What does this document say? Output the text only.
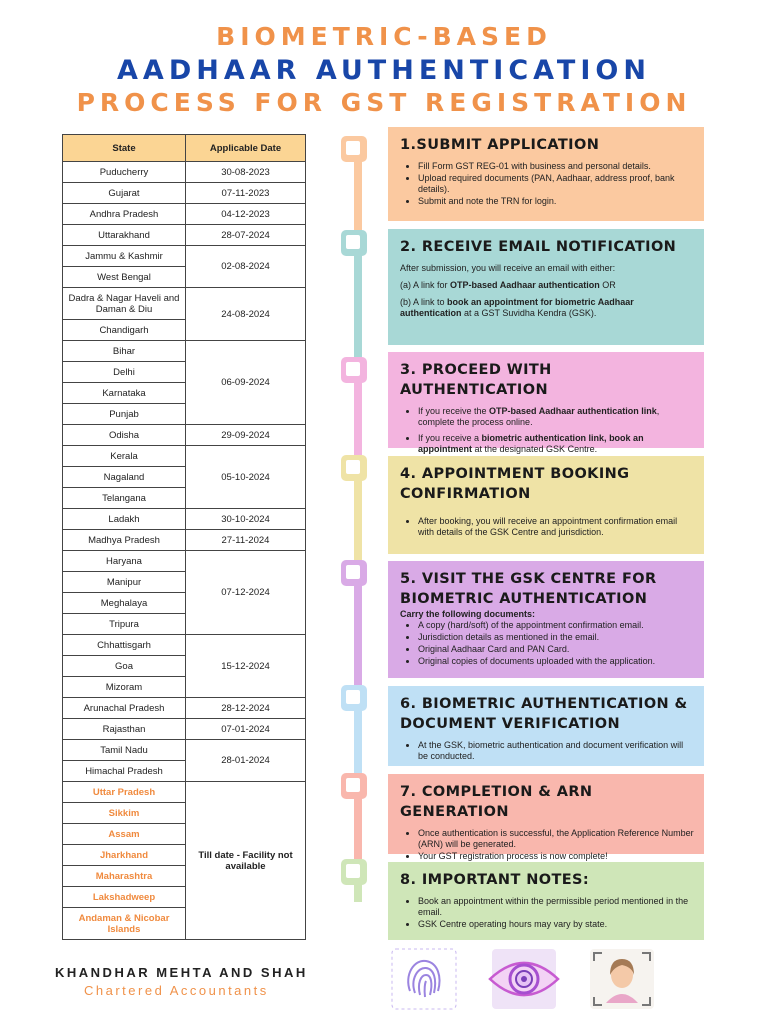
BIOMETRIC-BASED
AADHAAR AUTHENTICATION
PROCESS FOR GST REGISTRATION
State	Applicable Date
Puducherry	30-08-2023
Gujarat	07-11-2023
Andhra Pradesh	04-12-2023
Uttarakhand	28-07-2024
Jammu & Kashmir	02-08-2024
West Bengal	
Dadra & Nagar Haveli and Daman & Diu	24-08-2024
Chandigarh	
Bihar	06-09-2024
Delhi	
Karnataka	
Punjab	
Odisha	29-09-2024
Kerala	05-10-2024
Nagaland	
Telangana	
Ladakh	30-10-2024
Madhya Pradesh	27-11-2024
Haryana	07-12-2024
Manipur	
Meghalaya	
Tripura	
Chhattisgarh	15-12-2024
Goa	
Mizoram	
Arunachal Pradesh	28-12-2024
Rajasthan	07-01-2024
Tamil Nadu	28-01-2024
Himachal Pradesh	
Uttar Pradesh	Till date - Facility not available
Sikkim	
Assam	
Jharkhand	
Maharashtra	
Lakshadweep	
Andaman & Nicobar Islands	
1.SUBMIT APPLICATION
• Fill Form GST REG-01 with business and personal details.
• Upload required documents (PAN, Aadhaar, address proof, bank details).
• Submit and note the TRN for login.
2. RECEIVE EMAIL NOTIFICATION

After submission, you will receive an email with either:

(a) A link for OTP-based Aadhaar authentication OR

(b) A link to book an appointment for biometric Aadhaar authentication at a GST Suvidha Kendra (GSK).

3. PROCEED WITH AUTHENTICATION
• If you receive the OTP-based Aadhaar authentication link, complete the process online.
• If you receive a biometric authentication link, book an appointment at the designated GSK Centre.
4. APPOINTMENT BOOKING CONFIRMATION
• After booking, you will receive an appointment confirmation email with details of the GSK Centre and jurisdiction.
5. VISIT THE GSK CENTRE FOR BIOMETRIC AUTHENTICATION
Carry the following documents:
• A copy (hard/soft) of the appointment confirmation email.
• Jurisdiction details as mentioned in the email.
• Original Aadhaar Card and PAN Card.
• Original copies of documents uploaded with the application.
6. BIOMETRIC AUTHENTICATION & DOCUMENT VERIFICATION
• At the GSK, biometric authentication and document verification will be conducted.
7. COMPLETION & ARN GENERATION
• Once authentication is successful, the Application Reference Number (ARN) will be generated.
• Your GST registration process is now complete!
8. IMPORTANT NOTES:
• Book an appointment within the permissible period mentioned in the email.
• GSK Centre operating hours may vary by state.
KHANDHAR MEHTA AND SHAH
Chartered Accountants
